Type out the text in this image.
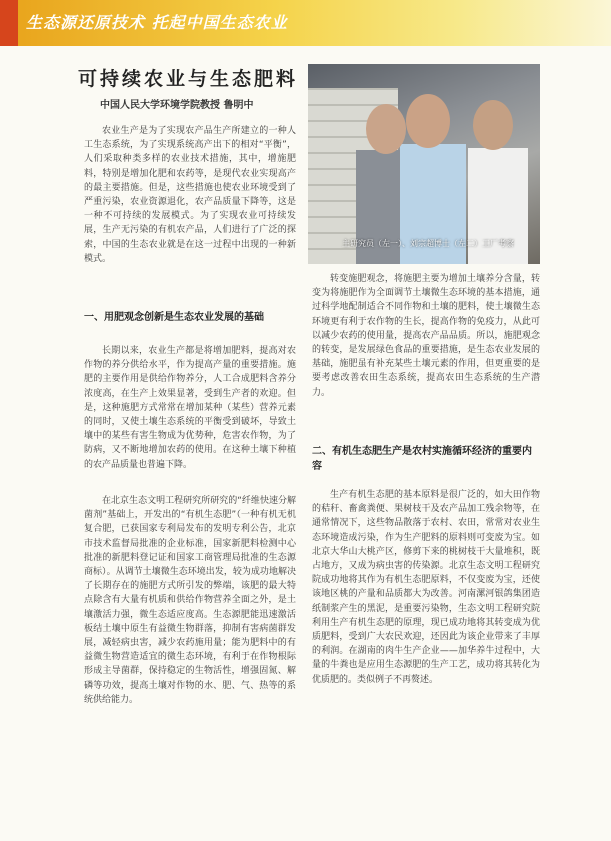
生态源还原技术 托起中国生态农业
可持续农业与生态肥料
中国人民大学环境学院教授 鲁明中
主研究员（左一）、刘宗超博士（左二）工厂考察

农业生产是为了实现农产品生产所建立的一种人工生态系统，为了实现系统高产出下的相对“平衡”，人们采取种类多样的农业技术措施，其中，增施肥料，特别是增加化肥和农药等，是现代农业实现高产的最主要措施。但是，这些措施也使农业环境受到了严重污染，农业资源退化，农产品质量下降等，这是一种不可持续的发展模式。为了实现农业可持续发展，生产无污染的有机农产品，人们进行了广泛的探索，中国的生态农业就是在这一过程中出现的一种新模式。

一、用肥观念创新是生态农业发展的基础

长期以来，农业生产都是将增加肥料，提高对农作物的养分供给水平，作为提高产量的重要措施。施肥的主要作用是供给作物养分，人工合成肥料含养分浓度高，在生产上效果显著，受到生产者的欢迎。但是，这种施肥方式常常在增加某种（某些）营养元素的同时，又使土壤生态系统的平衡受到破坏，导致土壤中的某些有害生物成为优势种，危害农作物，为了防病，又不断地增加农药的使用。在这种土壤下种植的农产品质量也普遍下降。

在北京生态文明工程研究所研究的“纤维快速分解菌剂”基础上，开发出的“有机生态肥”（一种有机无机复合肥，已获国家专利局发布的发明专利公告，北京市技术监督局批准的企业标准，国家新肥料检测中心批准的新肥料登记证和国家工商管理局批准的生态源商标）。从调节土壤微生态环境出发，较为成功地解决了长期存在的施肥方式所引发的弊端，该肥的最大特点除含有大量有机质和供给作物营养全面之外，是土壤激活力强，微生态适应度高。生态源肥能迅速激活板结土壤中原生有益微生物群落，抑制有害病菌群发展，减轻病虫害，减少农药施用量；能为肥料中的有益微生物营造适宜的微生态环境，有利于在作物根际形成主导菌群，保持稳定的生物活性，增强固氮、解磷等功效，提高土壤对作物的水、肥、气、热等的系统供给能力。

转变施肥观念，将施肥主要为增加土壤养分含量，转变为将施肥作为全面调节土壤微生态环境的基本措施，通过科学地配制适合不同作物和土壤的肥料，使土壤微生态环境更有利于农作物的生长，提高作物的免疫力，从此可以减少农药的使用量，提高农产品品质。所以，施肥观念的转变，是发展绿色食品的重要措施，是生态农业发展的基础，施肥虽有补充某些土壤元素的作用，但更重要的是要考虑改善农田生态系统，提高农田生态系统的生产潜力。

二、有机生态肥生产是农村实施循环经济的重要内容

生产有机生态肥的基本原料是很广泛的，如大田作物的秸秆、畜禽粪便、果树枝干及农产品加工残余物等，在通常情况下，这些物品散落于农村、农田，常常对农业生态环境造成污染，作为生产肥料的原料则可变废为宝。如北京大华山大桃产区，修剪下来的桃树枝干大量堆积，既占地方，又成为病虫害的传染源。北京生态文明工程研究院成功地将其作为有机生态肥原料，不仅变废为宝，还使该地区桃的产量和品质都大为改善。河南漯河银鸽集团造纸制浆产生的黑泥，是重要污染物，生态文明工程研究院利用生产有机生态肥的原理，现已成功地将其转变成为优质肥料，受到广大农民欢迎，还因此为该企业带来了丰厚的利润。在湖南的肉牛生产企业——加华养牛过程中，大量的牛粪也是应用生态源肥的生产工艺，成功将其转化为优质肥的。类似例子不再赘述。
